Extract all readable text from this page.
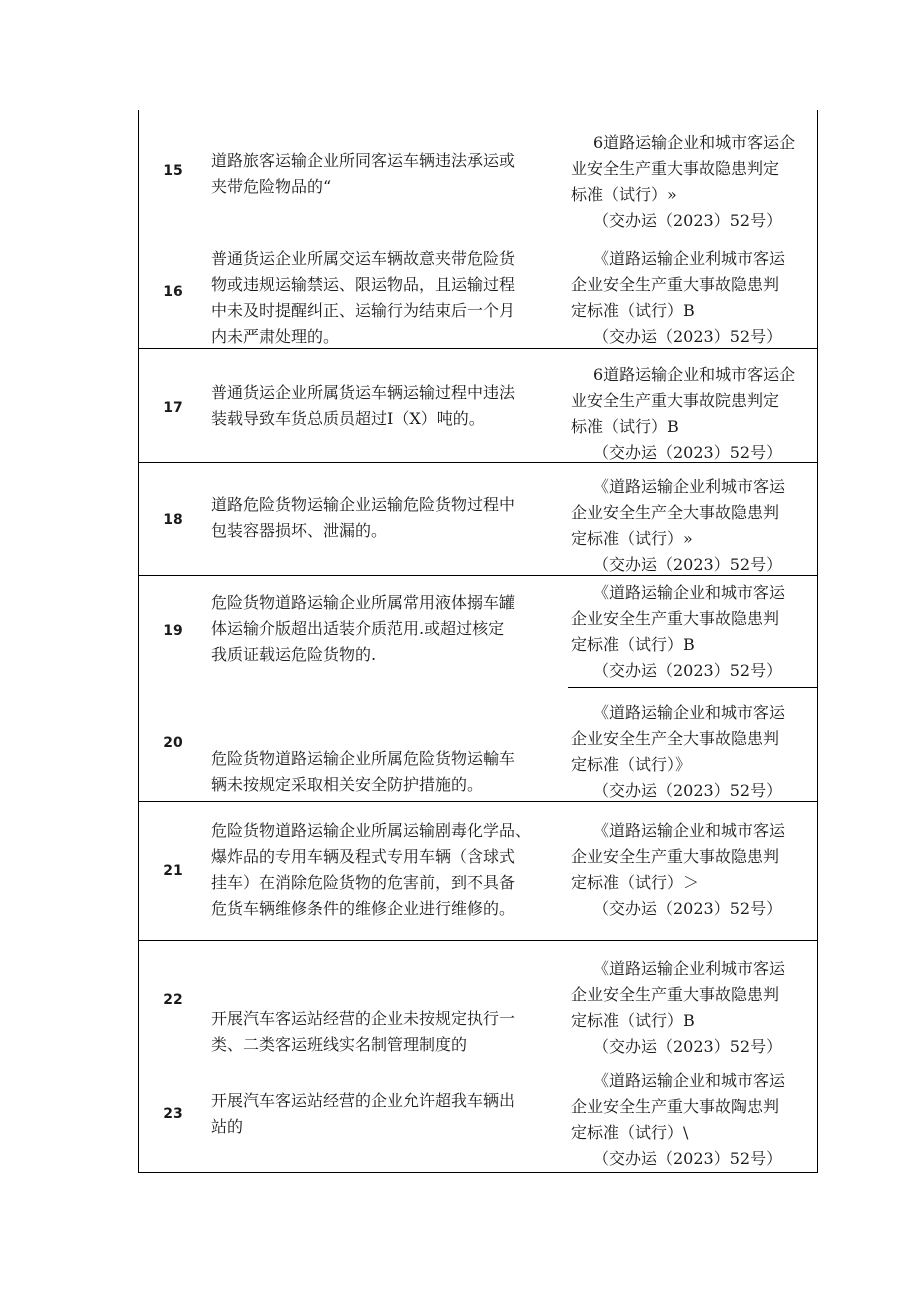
15
道路旅客运输企业所同客运车辆违法承运或
夹带危险物品的“
6道路运输企业和城市客运企
业安全生产重大事故隐患判定
标准（试行）»
（交办运（2023）52号）
16
普通货运企业所属交运车辆故意夹带危险货
物或违规运输禁运、限运物品，且运输过程
中未及时提醒纠正、运输行为结束后一个月
内未严肃处理的。
《道路运输企业利城市客运
企业安全生产重大事故隐患判
定标准（试行）B
（交办运（2023）52号）
17
普通货运企业所属货运车辆运输过程中违法
装载导致车货总质员超过I（X）吨的。
6道路运输企业和城市客运企
业安全生产重大事故院患判定
标准（试行）B
（交办运（2023）52号）
18
道路危险货物运输企业运输危险货物过程中
包装容器损坏、泄漏的。
《道路运输企业利城市客运
企业安全生产全大事故隐患判
定标准（试行）»
（交办运（2023）52号）
19
危险货物道路运输企业所属常用液体搦车罐
体运输介版超出适装介质范用.或超过核定
我质证载运危险货物的.
《道路运输企业和城市客运
企业安全生产重大事故隐患判
定标准（试行）B
（交办运（2023）52号）
20
危险货物道路运输企业所属危险货物运輸车
辆未按规定采取相关安全防护措施的。
《道路运输企业和城市客运
企业安全生产全大事故隐患判
定标准（试行）》
（交办运（2023）52号）
21
危险货物道路运输企业所属运输剧毒化学品、
爆炸品的专用车辆及程式专用车辆（含球式
挂车）在消除危险货物的危害前，到不具备
危货车辆维修条件的维修企业进行维修的。
《道路运输企业和城市客运
企业安全生产重大事故隐患判
定标准（试行）＞
（交办运（2023）52号）
22
开展汽车客运站经营的企业未按规定执行一
类、二类客运班线实名制管理制度的
《道路运输企业利城市客运
企业安全生产重大事故隐患判
定标准（试行）B
（交办运（2023）52号）
23
开展汽车客运站经营的企业允许超我车辆出
站的
《道路运输企业和城市客运
企业安全生产重大事故陶忠判
定标准（试行）\
（交办运（2023）52号）
